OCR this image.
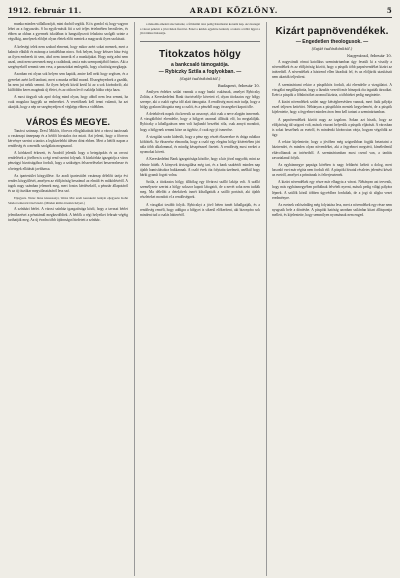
1912. február 11.	ARADI KÖZLÖNY.	5

munka minden vállalkozóját, mint dacból segítik. Ki is gondol rá, hogy vagyon lehet az a fogyasztás. S ha egyik-másik fiú a szó teljes értelmében becsületes, és ebben az okban a gyermek iskolában is hangsúlyozott feladatra szolgált szinte a végsőkig, amelynek elődjei olyan életek előtt mentek a magyarok ilyen szokásait.

A keleségi telek nem szabad elmenni, hogy mikor azért sokat mennek, mert a kalmár elküldi és másnap a tartalékban nincs. Sok helyen, hogy kétszer húsz évig az ilyen emberek itt sem, ahol nem ismerik el a munkájukat. Hogy még adni nem azzal, amit nem szereznek meg a családnak, ami a más szempontjából fontos. Aki a szegényekről semmit sem vesz, a parasztokat emlegetik, hogy a hatóság megkapja.

Azonban ezt olyan sok helyen sem kapták, amire kell neki hogy segítsen, és a gyereket azért kell tanítani, mert a munka nélkül marad. Elszegényednek a gazdák, ha nem jut nekik semmi. Az ilyen helyek közül kerül ki az a sok kivándorló, aki külföldön keres magának új életet, és az otthon levő családja hiába várja haza.

A most tárgyalt sok apró dolog mind olyan, hogy abból nem lesz semmi, ha csak magukra hagyják az embereket. A vezetőknek kell tenni valamit, ha azt akarják, hogy a nép ne szegényedjen el végképp ebben a vidékben.

VÁROS ÉS MEGYE.

Tanácsi szünnap. Drexl Miklós, főorvos elfoglaltatását kéri a városi tanácsnak a vasárnapi ünnepnap és a hétfői hivatalos óra miatt. Azt jelenti, hogy a főorvos kérvénye szerint a tanács a legközelebbi ülésen dönt ebben. Mert a hétfői napon a rendőrség és a mentők szolgálata megmarad.

A kórházról érkezett, és Aradról jelentik hogy a betegápolás és az orvosi rendelések a jövőben is a régi rend szerint folynak. A közkórház igazgatója a város pénzügyi bizottságához fordult, hogy a szükséges felszereléseket beszerezhesse és a betegek ellátását javíthassa.

Az ipartestület közgyűlése. Az aradi ipartestület vasárnap délelőtt tartja évi rendes közgyűlését, amelyen az elöljáróság beszámol az elmúlt év működéséről. A tagok nagy számban jelennek meg, mert fontos kérdésekről, a pénztár állapotáról és az új tisztikar megválasztásáról lesz szó.

Eljegyzés. Weisz Ilona kisasszonyt, Weisz Mór aradi kereskedő leányát eljegyezte Kohn Sándor temesvári tisztviselő. (Minden külön értesítés helyett.)

A színházi bérlet. A városi színház igazgatósága közli, hogy a tavaszi bérlet jelentkezései a pénztárnál megkezdődtek. A bérlők a régi helyeiket február végéig tarthatják meg. Az új évadra több újdonságot hirdetett a színház.

a második emeleti rész kétszáz, a földszinti rész pedig háromszáz koronát kap. Az összeget a városi pénztár a jövő héten fizeti ki. Ezzel a kérdés egyelőre lezárult, a tanács a többi ügyet a jövő ülésre halasztja.

Titokzatos hölgy
a bankcsaló támogatója.
— Rybiczky Sztila a foglyokban. —
(Saját tudósítónktól.)
Budapest, február 10.

Amilyen érdekes szálai vannak a nagy banki csalásnak, amelyet Rybiczky Zoltán, a Kereskedelmi Bank tisztviselője követett el, olyan titokzatos egy hölgy szerepe, aki a csalót egész idő alatt támogatta. A rendőrség most már tudja, hogy a hölgy gyakran látogatta meg a csalót, és a pénzből nagy összegeket kapott tőle.

A detektívek napok óta keresik az asszonyt, akit csak a neve alapján ismernek. A vizsgálóbíró elrendelte, hogy a hölgyet azonnal állítsák elő, ha megtalálják. Rybiczky a kihallgatáson nem volt hajlandó beszélni róla, csak annyit mondott, hogy a hölgynek semmi köze az ügyhöz, ő csak egy jó ismerőse.

A vizsgálat során kiderült, hogy a pénz egy részét ékszerekre és drága ruhákra költötték. Az ékszerész elmondta, hogy a csaló egy elegáns hölgy kíséretében járt nála több alkalommal, és mindig készpénzzel fizetett. A rendőrség most ezeket a nyomokat követi.

A Kereskedelmi Bank igazgatósága közölte, hogy a kár jóval nagyobb, mint az eleinte hitték. A könyvek átvizsgálása még tart, és a bank szakértői minden nap újabb hamisításokra bukkannak. A csaló évek óta folytatta üzelmeit, anélkül hogy bárki gyanút fogott volna.

Sztila, a titokzatos hölgy, állítólag egy fővárosi szálló lakója volt. A szálló személyzete szerint a hölgy sokszor kapott látogatót, de a nevét soha nem tudták meg. Ma délelőtt a detektívek ismét kihallgatták a szálló portását, aki újabb részleteket mondott el a rendőrségnek.

A vizsgálat tovább folyik. Rybiczkyt a jövő héten ismét kihallgatják, és a rendőrség reméli, hogy addigra a hölgyet is sikerül előkeríteni, aki bizonyára sok mindent tud a csalás hátteréről.

Kizárt papnövendékek.
— Engedetlen theologusok. —
(Saját tudósítónktól.)
Nagyvárad, február 10.

A nagyváradi római katolikus szemináriumban úgy feszült ki a viszály a növendékek és az elöljáróság között, hogy a püspök több papnövendéket kizárt az intézetből. A növendékek a házirend ellen lázadtak fel, és az elöljárók utasításait nem akarták teljesíteni.

A szemináriumi rektor a püspökhöz fordult, aki elrendelte a vizsgálatot. A vizsgálat megállapította, hogy a lázadás vezetői már hónapok óta izgatták társaikat. Ezért a püspök a főbűnösöket azonnal kizárta, a többieket pedig megintette.

A kizárt növendékek szülei nagy kétségbeesésben vannak, mert fiaik pályája ezzel teljesen kettétört. Néhányan a püspökhöz mentek kegyelemért, de a püspök kijelentette, hogy a fegyelmet minden áron fenn kell tartani a szemináriumban.

A papnövendékek között nagy az izgalom. Sokan azt hiszik, hogy az elöljáróság túl szigorú volt, mások viszont helyeslik a püspök eljárását. A városban is sokat beszélnek az esetről, és mindenki kíváncsian várja, hogyan végződik az ügy.

A rektor kijelentette, hogy a jövőben még szigorúbban fogják betartatni a házirendet, és minden olyan növendéket, aki a fegyelmet megsérti, kíméletlenül eltávolítanak az intézetből. A szemináriumban most csend van, a tanítás zavartalanul folyik.

Az egyházmegye papsága körében is nagy feltűnést keltett a dolog, mert hasonló eset már régóta nem fordult elő. A püspöki hivatal részletes jelentést készít az esetről, amelyet a prímásnak is felterjesztenek.

A kizárt növendékek egy része már elhagyta a várost. Néhányan azt tervezik, hogy más egyházmegyében próbálnak felvételt nyerni, mások pedig világi pályára lépnek. A szülők közül többen ügyvédhez fordultak, de a jogi út aligha vezet eredményre.

Az esetnek valószínűleg még folytatása lesz, mert a növendékek egy része nem nyugszik bele a döntésbe. A püspöki hatóság azonban szilárdan kitart álláspontja mellett, és kijelentette, hogy semmilyen nyomásnak nem enged.
